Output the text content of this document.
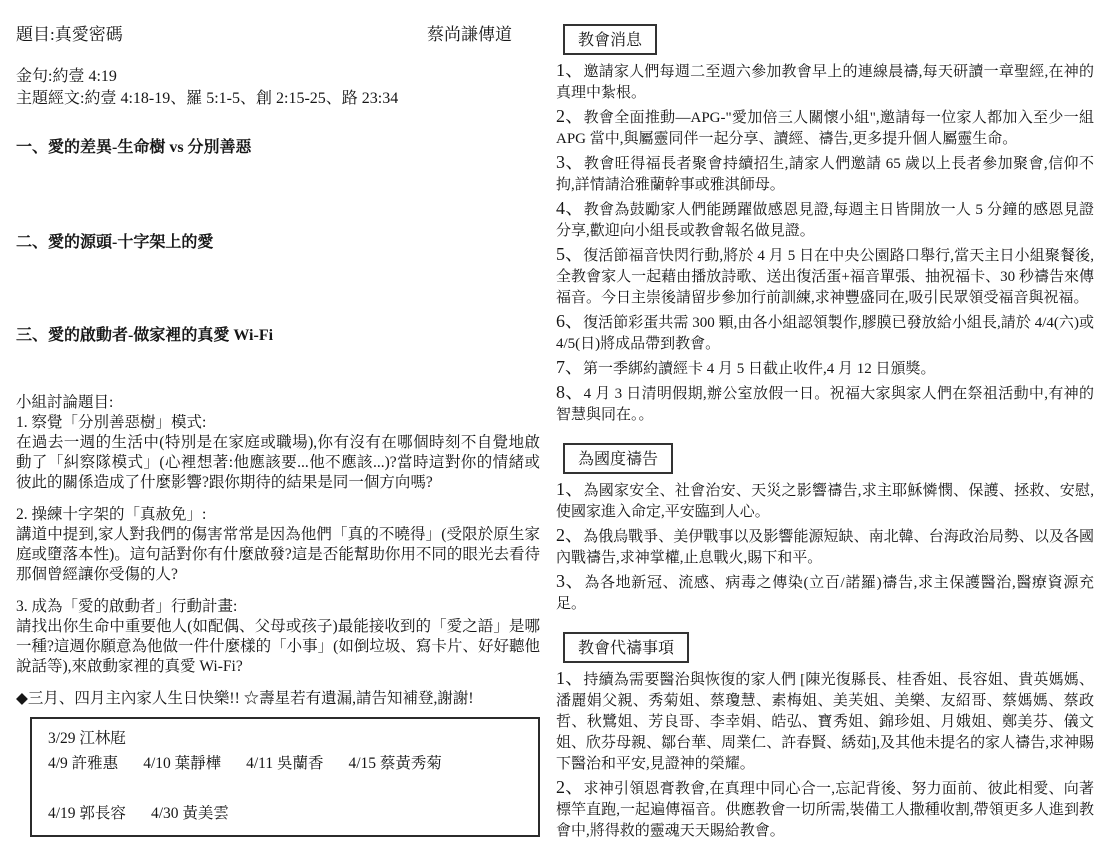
題目:真愛密碼	蔡尚謙傳道
金句:約壹 4:19
主題經文:約壹 4:18-19、羅 5:1-5、創 2:15-25、路 23:34
一、愛的差異-生命樹 vs 分別善惡
二、愛的源頭-十字架上的愛
三、愛的啟動者-做家裡的真愛 Wi-Fi
小組討論題目:
1. 察覺「分別善惡樹」模式:
在過去一週的生活中(特別是在家庭或職場),你有沒有在哪個時刻不自覺地啟動了「糾察隊模式」(心裡想著:他應該要...他不應該...)?當時這對你的情緒或彼此的關係造成了什麼影響?跟你期待的結果是同一個方向嗎?
2. 操練十字架的「真赦免」:
講道中提到,家人對我們的傷害常常是因為他們「真的不曉得」(受限於原生家庭或墮落本性)。這句話對你有什麼啟發?這是否能幫助你用不同的眼光去看待那個曾經讓你受傷的人?
3. 成為「愛的啟動者」行動計畫:
請找出你生命中重要他人(如配偶、父母或孩子)最能接收到的「愛之語」是哪一種?這週你願意為他做一件什麼樣的「小事」(如倒垃圾、寫卡片、好好聽他說話等),來啟動家裡的真愛 Wi-Fi?
◆三月、四月主內家人生日快樂!! ☆壽星若有遺漏,請告知補登,謝謝!
3/29 江林屘
4/9 許雅惠 4/10 葉靜樺 4/11 吳蘭香 4/15 蔡黃秀菊
4/19 郭長容 4/30 黃美雲
教會消息
1、邀請家人們每週二至週六參加教會早上的連線晨禱,每天研讀一章聖經,在神的真理中紮根。
2、教會全面推動—APG-"愛加倍三人關懷小組",邀請每一位家人都加入至少一組 APG 當中,與屬靈同伴一起分享、讀經、禱告,更多提升個人屬靈生命。
3、教會旺得福長者聚會持續招生,請家人們邀請 65 歲以上長者參加聚會,信仰不拘,詳情請洽雅蘭幹事或雅淇師母。
4、教會為鼓勵家人們能踴躍做感恩見證,每週主日皆開放一人 5 分鐘的感恩見證分享,歡迎向小組長或教會報名做見證。
5、復活節福音快閃行動,將於 4 月 5 日在中央公園路口舉行,當天主日小組聚餐後,全教會家人一起藉由播放詩歌、送出復活蛋+福音單張、抽祝福卡、30 秒禱告來傳福音。今日主崇後請留步參加行前訓練,求神豐盛同在,吸引民眾領受福音與祝福。
6、復活節彩蛋共需 300 顆,由各小組認領製作,膠膜已發放給小組長,請於 4/4(六)或 4/5(日)將成品帶到教會。
7、第一季綁約讀經卡 4 月 5 日截止收件,4 月 12 日頒獎。
8、4 月 3 日清明假期,辦公室放假一日。祝福大家與家人們在祭祖活動中,有神的智慧與同在。。
為國度禱告
1、為國家安全、社會治安、天災之影響禱告,求主耶穌憐憫、保護、拯救、安慰,使國家進入命定,平安臨到人心。
2、為俄烏戰爭、美伊戰事以及影響能源短缺、南北韓、台海政治局勢、以及各國內戰禱告,求神掌權,止息戰火,賜下和平。
3、為各地新冠、流感、病毒之傳染(立百/諾羅)禱告,求主保護醫治,醫療資源充足。
教會代禱事項
1、持續為需要醫治與恢復的家人們 [陳光復縣長、桂香姐、長容姐、貴英媽媽、潘麗娟父親、秀菊姐、蔡瓊慧、素梅姐、美芙姐、美樂、友紹哥、蔡媽媽、蔡政哲、秋鷺姐、芳良哥、李幸娟、皓弘、寶秀姐、錦珍姐、月娥姐、鄭美芬、儀文姐、欣芬母親、鄒台華、周業仁、許春賢、綉茹],及其他未提名的家人禱告,求神賜下醫治和平安,見證神的榮耀。
2、求神引領恩膏教會,在真理中同心合一,忘記背後、努力面前、彼此相愛、向著標竿直跑,一起遍傳福音。供應教會一切所需,裝備工人撒種收割,帶領更多人進到教會中,將得救的靈魂天天賜給教會。
